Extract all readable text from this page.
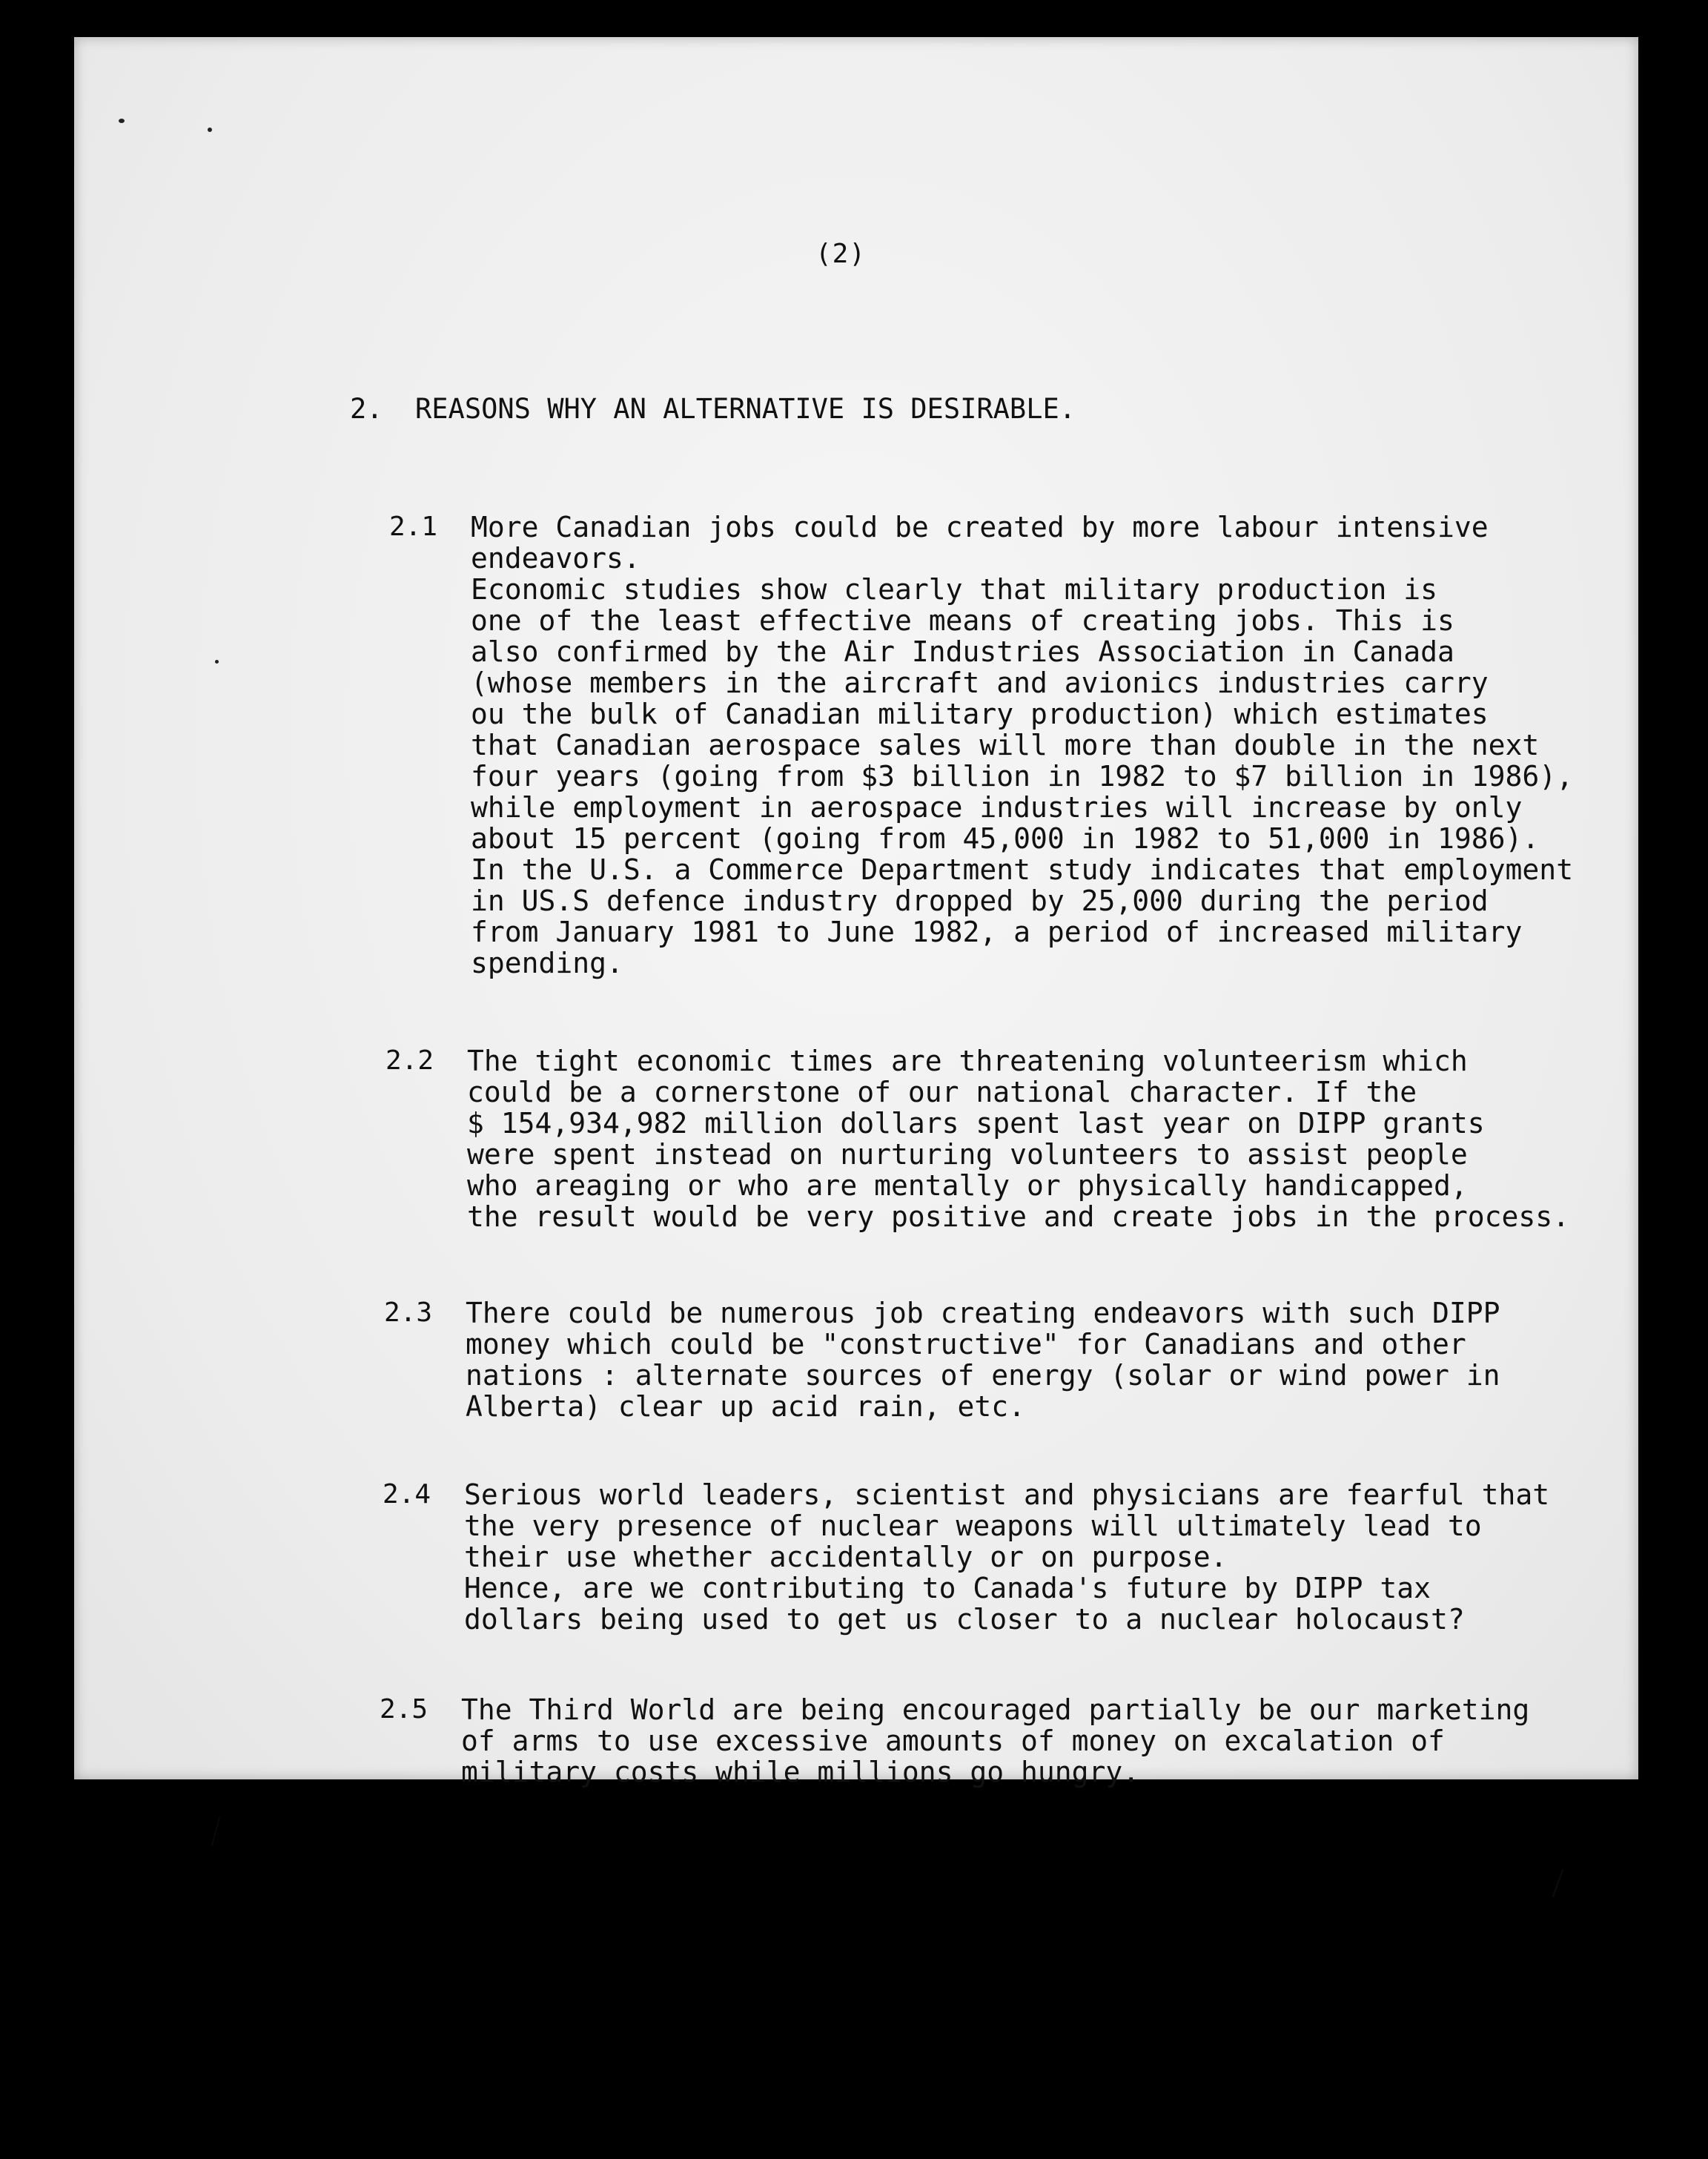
(2)
2. REASONS WHY AN ALTERNATIVE IS DESIRABLE.
2.1 More Canadian jobs could be created by more labour intensive
endeavors.
Economic studies show clearly that military production is
one of the least effective means of creating jobs. This is
also confirmed by the Air Industries Association in Canada
(whose members in the aircraft and avionics industries carry
ou the bulk of Canadian military production) which estimates
that Canadian aerospace sales will more than double in the next
four years (going from $3 billion in 1982 to $7 billion in 1986),
while employment in aerospace industries will increase by only
about 15 percent (going from 45,000 in 1982 to 51,000 in 1986).
In the U.S. a Commerce Department study indicates that employment
in US.S defence industry dropped by 25,000 during the period
from January 1981 to June 1982, a period of increased military
spending.
2.2 The tight economic times are threatening volunteerism which
could be a cornerstone of our national character. If the
$ 154,934,982 million dollars spent last year on DIPP grants
were spent instead on nurturing volunteers to assist people
who areaging or who are mentally or physically handicapped,
the result would be very positive and create jobs in the process.
2.3 There could be numerous job creating endeavors with such DIPP
money which could be "constructive" for Canadians and other
nations : alternate sources of energy (solar or wind power in
Alberta) clear up acid rain, etc.
2.4 Serious world leaders, scientist and physicians are fearful that
the very presence of nuclear weapons will ultimately lead to
their use whether accidentally or on purpose.
Hence, are we contributing to Canada's future by DIPP tax
dollars being used to get us closer to a nuclear holocaust?
2.5 The Third World are being encouraged partially be our marketing
of arms to use excessive amounts of money on excalation of
military costs while millions go hungry.
